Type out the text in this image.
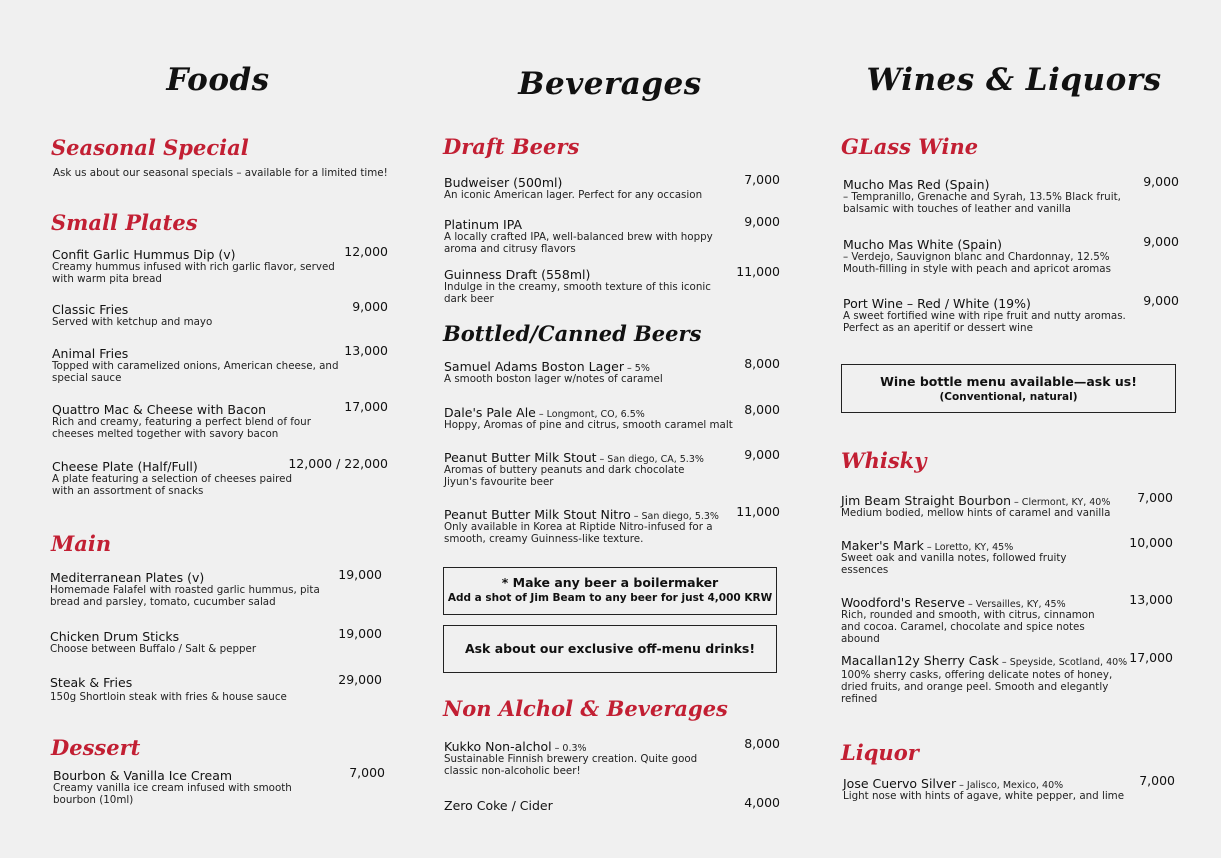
Foods
Seasonal Special
Ask us about our seasonal specials – available for a limited time!
Small Plates
Confit Garlic Hummus Dip (v)	12,000
Creamy hummus infused with rich garlic flavor, served with warm pita bread
Classic Fries	9,000
Served with ketchup and mayo
Animal Fries	13,000
Topped with caramelized onions, American cheese, and special sauce
Quattro Mac & Cheese with Bacon	17,000
Rich and creamy, featuring a perfect blend of four cheeses melted together with savory bacon
Cheese Plate (Half/Full)	12,000 / 22,000
A plate featuring a selection of cheeses paired with an assortment of snacks
Main
Mediterranean Plates (v)	19,000
Homemade Falafel with roasted garlic hummus, pita bread and parsley, tomato, cucumber salad
Chicken Drum Sticks	19,000
Choose between Buffalo / Salt & pepper
Steak & Fries	29,000
150g Shortloin steak with fries & house sauce
Dessert
Bourbon & Vanilla Ice Cream	7,000
Creamy vanilla ice cream infused with smooth bourbon (10ml)
Beverages
Draft Beers
Budweiser (500ml)	7,000
An iconic American lager. Perfect for any occasion
Platinum IPA	9,000
A locally crafted IPA, well-balanced brew with hoppy aroma and citrusy flavors
Guinness Draft (558ml)	11,000
Indulge in the creamy, smooth texture of this iconic dark beer
Bottled/Canned Beers
Samuel Adams Boston Lager – 5%	8,000
A smooth boston lager w/notes of caramel
Dale's Pale Ale – Longmont, CO, 6.5%	8,000
Hoppy, Aromas of pine and citrus, smooth caramel malt
Peanut Butter Milk Stout – San diego, CA, 5.3%	9,000
Aromas of buttery peanuts and dark chocolate Jiyun's favourite beer
Peanut Butter Milk Stout Nitro – San diego, 5.3% 11,000
Only available in Korea at Riptide Nitro-infused for a smooth, creamy Guinness-like texture.
* Make any beer a boilermaker
Add a shot of Jim Beam to any beer for just 4,000 KRW
Ask about our exclusive off-menu drinks!
Non Alchol & Beverages
Kukko Non-alchol – 0.3%	8,000
Sustainable Finnish brewery creation. Quite good classic non-alcoholic beer!
Zero Coke / Cider	4,000
Wines & Liquors
GLass Wine
Mucho Mas Red (Spain)	9,000
– Tempranillo, Grenache and Syrah, 13.5% Black fruit, balsamic with touches of leather and vanilla
Mucho Mas White (Spain)	9,000
– Verdejo, Sauvignon blanc and Chardonnay, 12.5% Mouth-filling in style with peach and apricot aromas
Port Wine – Red / White (19%)	9,000
A sweet fortified wine with ripe fruit and nutty aromas. Perfect as an aperitif or dessert wine
Wine bottle menu available—ask us!
(Conventional, natural)
Whisky
Jim Beam Straight Bourbon – Clermont, KY, 40% 7,000
Medium bodied, mellow hints of caramel and vanilla
Maker's Mark – Loretto, KY, 45%	10,000
Sweet oak and vanilla notes, followed fruity essences
Woodford's Reserve – Versailles, KY, 45%	13,000
Rich, rounded and smooth, with citrus, cinnamon and cocoa. Caramel, chocolate and spice notes abound
Macallan12y Sherry Cask – Speyside, Scotland, 40% 17,000
100% sherry casks, offering delicate notes of honey, dried fruits, and orange peel. Smooth and elegantly refined
Liquor
Jose Cuervo Silver – Jalisco, Mexico, 40%	7,000
Light nose with hints of agave, white pepper, and lime
